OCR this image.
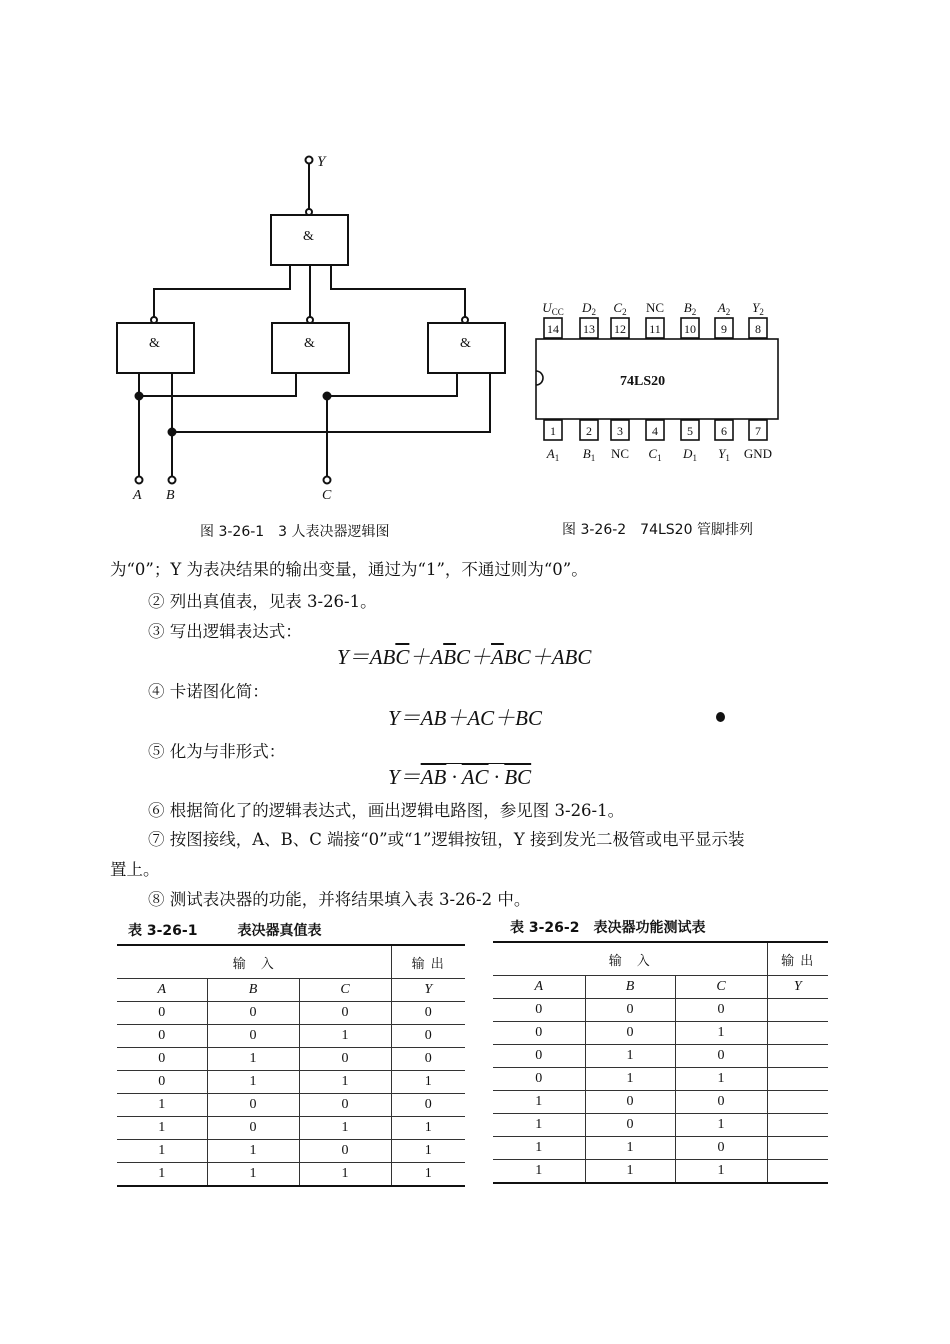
Y
&
&	&	&
A B	C
图 3-26-1　3 人表决器逻辑图
74LS20
14
$U_{CC}$
13
$D_2$
12
$C_2$
11
NC
10
$B_2$
9
$A_2$
8
$Y_2$
1
$A_1$
2
$B_1$
3
NC
4
$C_1$
5
$D_1$
6
$Y_1$
7
GND
图 3-26-2　74LS20 管脚排列
为“0”；Y 为表决结果的输出变量，通过为“1”，不通过则为“0”。
② 列出真值表，见表 3-26-1。
③ 写出逻辑表达式：
$Y=AB\overline{C}+A\overline{B}C+\overline{A}BC+ABC$
④ 卡诺图化简：
Y＝AB＋AC＋BC
⑤ 化为与非形式：
$Y=\overline{AB} \cdot \overline{AC} \cdot \overline{BC}$
⑥ 根据简化了的逻辑表达式，画出逻辑电路图，参见图 3-26-1。
⑦ 按图接线，A、B、C 端接“0”或“1”逻辑按钮，Y 接到发光二极管或电平显示装
置上。
⑧ 测试表决器的功能，并将结果填入表 3-26-2 中。
表 3-26-1	表决器真值表	表 3-26-2 表决器功能测试表
输　入			输 出
A	B	C	Y
0	0	0	0
0	0	1	0
0	1	0	0
0	1	1	1
1	0	0	0
1	0	1	1
1	1	0	1
1	1	1	1
输　入			输 出
A	B	C	Y
0	0	0	
0	0	1	
0	1	0	
0	1	1	
1	0	0	
1	0	1	
1	1	0	
1	1	1	
